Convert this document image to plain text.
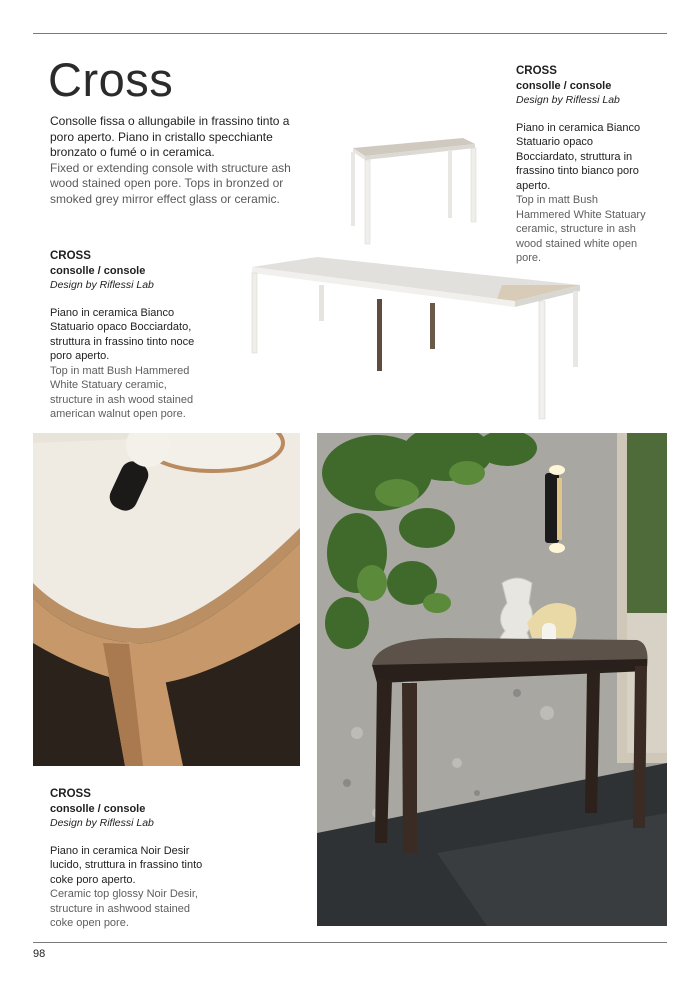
Cross
Consolle fissa o allungabile in frassino tinto a poro aperto. Piano in cristallo specchiante bronzato o fumé o in ceramica.
Fixed or extending console with structure ash wood stained open pore. Tops in bronzed or smoked grey mirror effect glass or ceramic.
CROSS
consolle / console
Design by Riflessi Lab
Piano in ceramica Bianco Statuario opaco Bocciardato, struttura in frassino tinto bianco poro aperto.
Top in matt Bush Hammered White Statuary ceramic, structure in ash wood stained white open pore.
CROSS
consolle / console
Design by Riflessi Lab
Piano in ceramica Bianco Statuario opaco Bocciardato, struttura in frassino tinto noce poro aperto.
Top in matt Bush Hammered White Statuary ceramic, structure in ash wood stained american walnut open pore.
CROSS
consolle / console
Design by Riflessi Lab
Piano in ceramica Noir Desir lucido, struttura in frassino tinto coke poro aperto.
Ceramic top glossy Noir Desir, structure in ashwood stained coke open pore.
98
